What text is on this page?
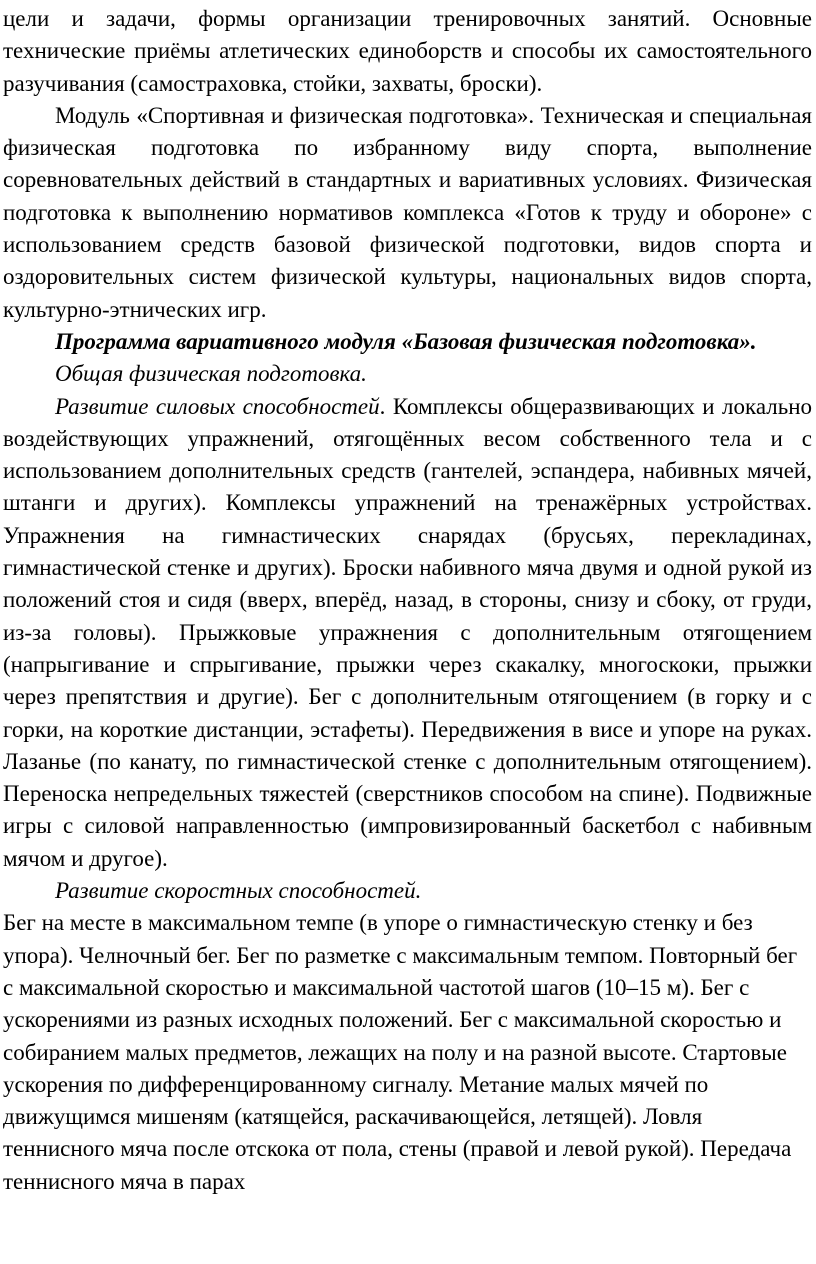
цели и задачи, формы организации тренировочных занятий. Основные технические приёмы атлетических единоборств и способы их самостоятельного разучивания (самостраховка, стойки, захваты, броски).

Модуль «Спортивная и физическая подготовка». Техническая и специальная физическая подготовка по избранному виду спорта, выполнение соревновательных действий в стандартных и вариативных условиях. Физическая подготовка к выполнению нормативов комплекса «Готов к труду и обороне» с использованием средств базовой физической подготовки, видов спорта и оздоровительных систем физической культуры, национальных видов спорта, культурно-этнических игр.

Программа вариативного модуля «Базовая физическая подготовка».

Общая физическая подготовка.

Развитие силовых способностей. Комплексы общеразвивающих и локально воздействующих упражнений, отягощённых весом собственного тела и с использованием дополнительных средств (гантелей, эспандера, набивных мячей, штанги и других). Комплексы упражнений на тренажёрных устройствах. Упражнения на гимнастических снарядах (брусьях, перекладинах, гимнастической стенке и других). Броски набивного мяча двумя и одной рукой из положений стоя и сидя (вверх, вперёд, назад, в стороны, снизу и сбоку, от груди, из-за головы). Прыжковые упражнения с дополнительным отягощением (напрыгивание и спрыгивание, прыжки через скакалку, многоскоки, прыжки через препятствия и другие). Бег с дополнительным отягощением (в горку и с горки, на короткие дистанции, эстафеты). Передвижения в висе и упоре на руках. Лазанье (по канату, по гимнастической стенке с дополнительным отягощением). Переноска непредельных тяжестей (сверстников способом на спине). Подвижные игры с силовой направленностью (импровизированный баскетбол с набивным мячом и другое).

Развитие скоростных способностей.

Бег на месте в максимальном темпе (в упоре о гимнастическую стенку и без упора). Челночный бег. Бег по разметке с максимальным темпом. Повторный бег с максимальной скоростью и максимальной частотой шагов (10–15 м). Бег с ускорениями из разных исходных положений. Бег с максимальной скоростью и собиранием малых предметов, лежащих на полу и на разной высоте. Стартовые ускорения по дифференцированному сигналу. Метание малых мячей по движущимся мишеням (катящейся, раскачивающейся, летящей). Ловля теннисного мяча после отскока от пола, стены (правой и левой рукой). Передача теннисного мяча в парах
